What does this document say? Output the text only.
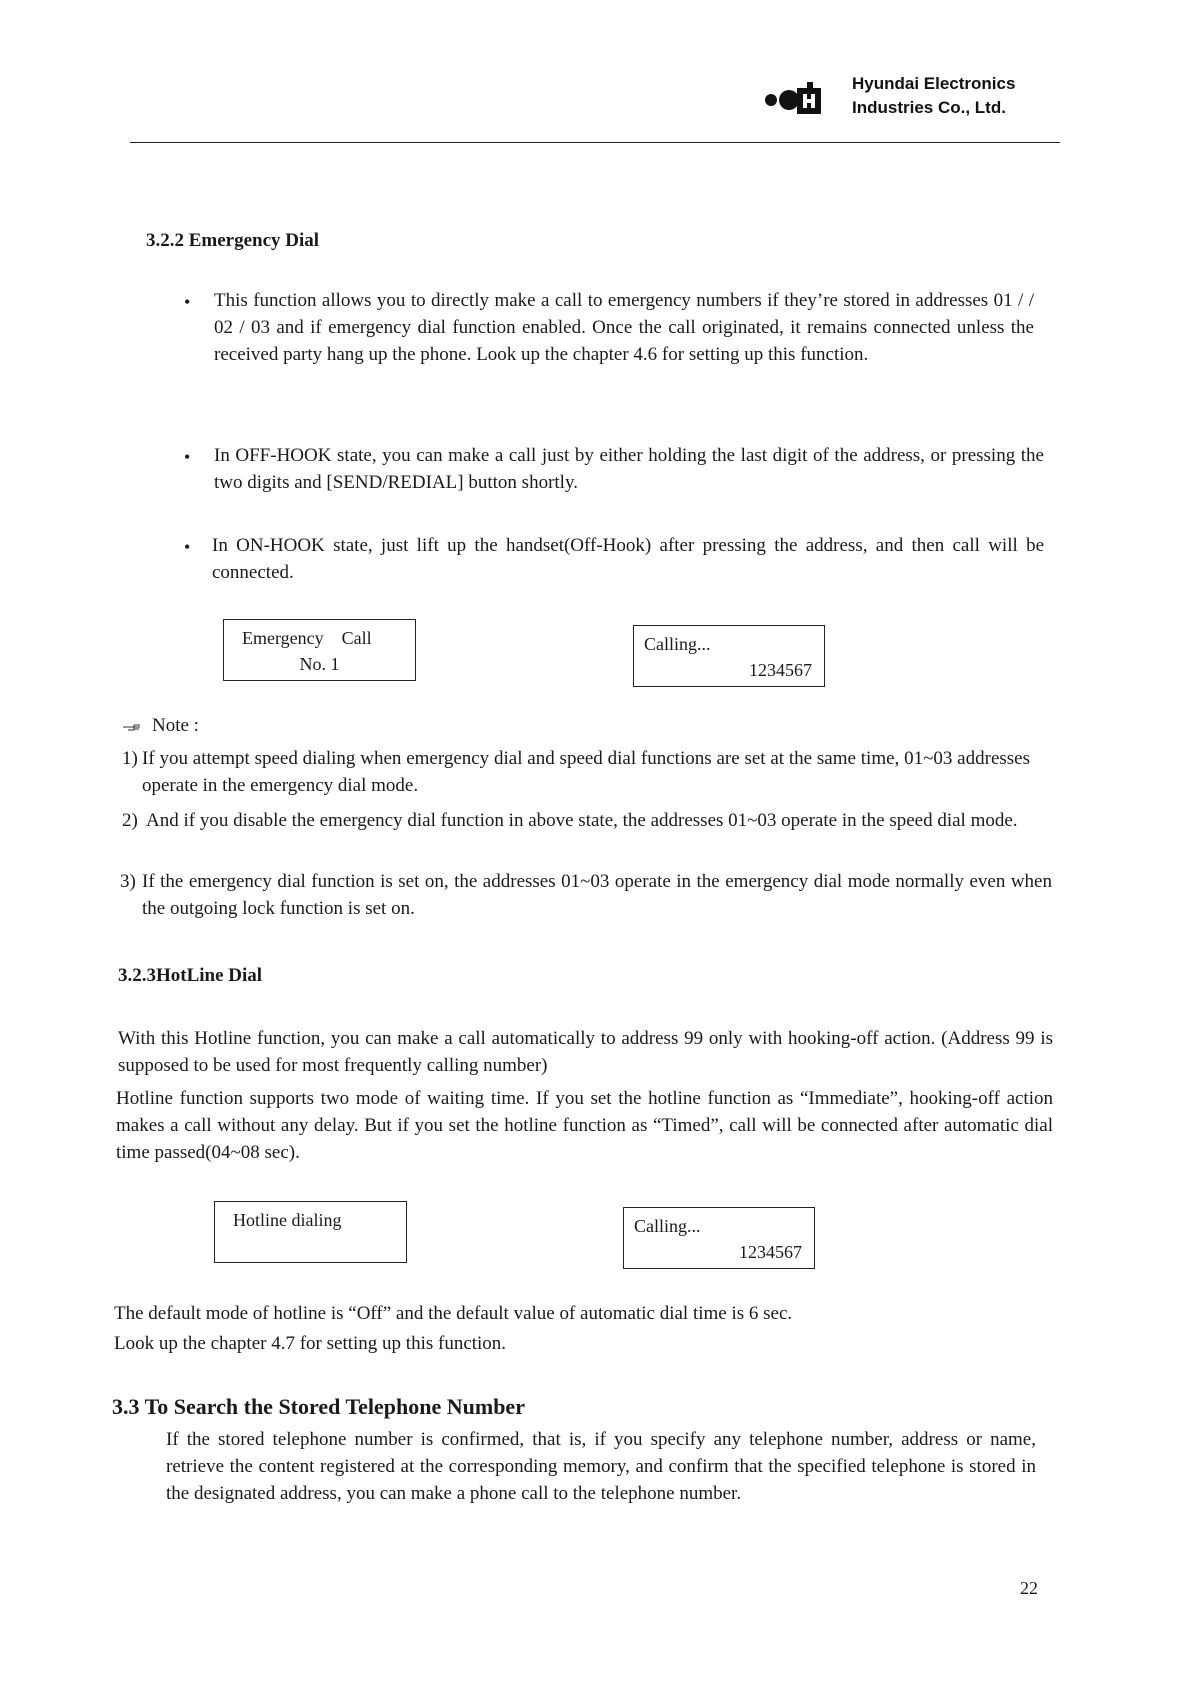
Hyundai Electronics
Industries Co., Ltd.
3.2.2 Emergency Dial
• This function allows you to directly make a call to emergency numbers if they’re stored in addresses 01 / / 02 / 03 and if emergency dial function enabled. Once the call originated, it remains connected unless the received party hang up the phone. Look up the chapter 4.6 for setting up this function.
• In OFF-HOOK state, you can make a call just by either holding the last digit of the address, or pressing the two digits and [SEND/REDIAL] button shortly.
• In ON-HOOK state, just lift up the handset(Off-Hook) after pressing the address, and then call will be connected.
Emergency    Call
No. 1
Calling...
1234567
Note :
1) If you attempt speed dialing when emergency dial and speed dial functions are set at the same time, 01~03 addresses operate in the emergency dial mode.
2) And if you disable the emergency dial function in above state, the addresses 01~03 operate in the speed dial mode.
3) If the emergency dial function is set on, the addresses 01~03 operate in the emergency dial mode normally even when the outgoing lock function is set on.
3.2.3HotLine Dial
With this Hotline function, you can make a call automatically to address 99 only with hooking-off action. (Address 99 is supposed to be used for most frequently calling number)
Hotline function supports two mode of waiting time. If you set the hotline function as “Immediate”, hooking-off action makes a call without any delay. But if you set the hotline function as “Timed”, call will be connected after automatic dial time passed(04~08 sec).
Hotline dialing	Calling...
1234567
The default mode of hotline is “Off” and the default value of automatic dial time is 6 sec.
Look up the chapter 4.7 for setting up this function.
3.3 To Search the Stored Telephone Number
If the stored telephone number is confirmed, that is, if you specify any telephone number, address or name, retrieve the content registered at the corresponding memory, and confirm that the specified telephone is stored in the designated address, you can make a phone call to the telephone number.
22
